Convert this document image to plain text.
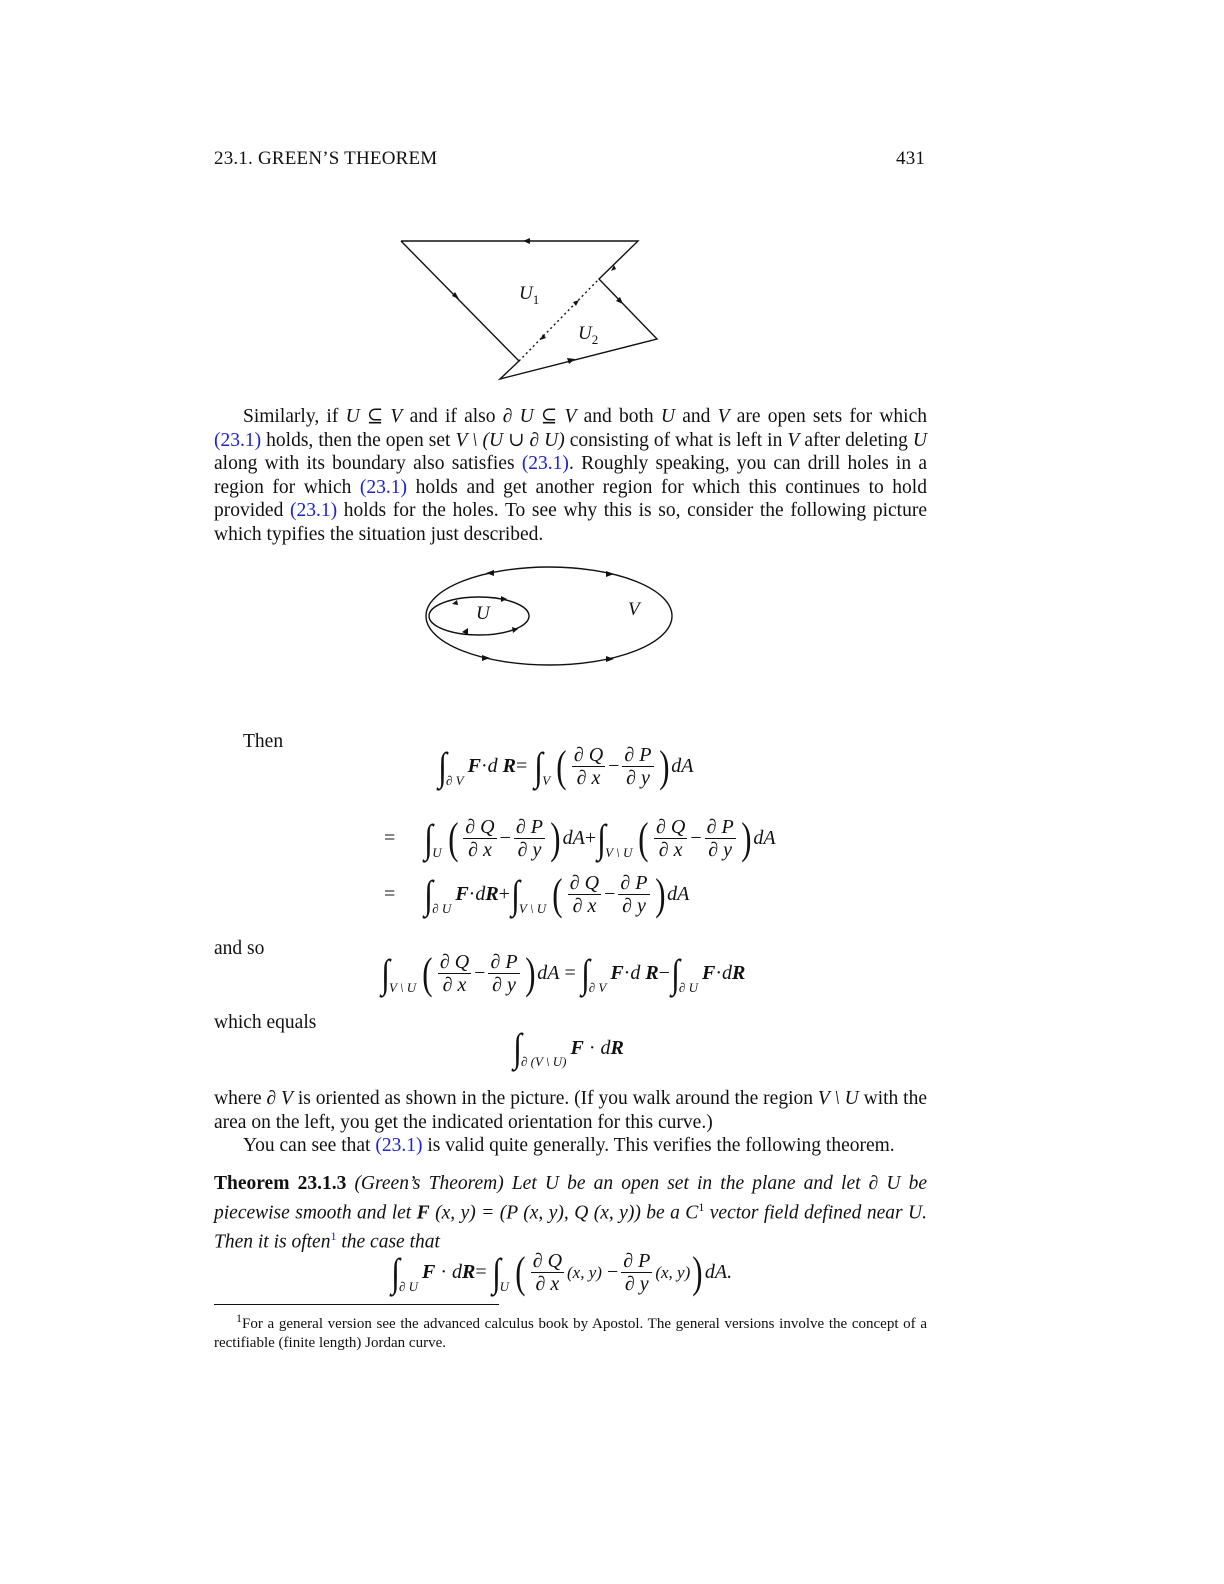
23.1. GREEN’S THEOREM	431
$U_1$
$U_2$

Similarly, if U ⊆ V and if also ∂ U ⊆ V and both U and V are open sets for which (23.1) holds, then the open set V \ (U ∪ ∂ U) consisting of what is left in V after deleting U along with its boundary also satisfies (23.1). Roughly speaking, you can drill holes in a region for which (23.1) holds and get another region for which this continues to hold provided (23.1) holds for the holes. To see why this is so, consider the following picture which typifies the situation just described.

U	V
Then
∫ ∂ V
F · d
R = ∫ V ( $\frac{\partial Q}{\partial x} - \frac{\partial P}{\partial y}$ ) dA
= ∫ U ( $\frac{\partial Q}{\partial x} - \frac{\partial P}{\partial y}$ ) dA + ∫ V \ U ( $\frac{\partial Q}{\partial x} - \frac{\partial P}{\partial y}$ ) dA
= ∫ ∂ U
F · d R + ∫ V \ U ( $\frac{\partial Q}{\partial x} - \frac{\partial P}{\partial y}$ ) dA
and so
∫ V \ U ( $\frac{\partial Q}{\partial x} - \frac{\partial P}{\partial y}$ ) dA
= ∫ ∂ V
F · d
R − ∫ ∂ U
F · d R
which equals
∫ ∂ (V \ U)
F
·
d R

where ∂ V is oriented as shown in the picture. (If you walk around the region V \ U with the area on the left, you get the indicated orientation for this curve.)

You can see that (23.1) is valid quite generally. This verifies the following theorem.

Theorem 23.1.3 (Green’s Theorem) Let U be an open set in the plane and let ∂ U be piecewise smooth and let F (x, y) = (P (x, y), Q (x, y)) be a $C^1$ vector field defined near U. Then it is often$^1$ the case that

∫ ∂ U
F
·
d R = ∫ U ( $\frac{\partial Q}{\partial x} (x$, y)
− $\frac{\partial P}{\partial y} (x$, y) ) dA.
$^1$For a general version see the advanced calculus book by Apostol. The general versions involve the concept of a rectifiable (finite length) Jordan curve.
